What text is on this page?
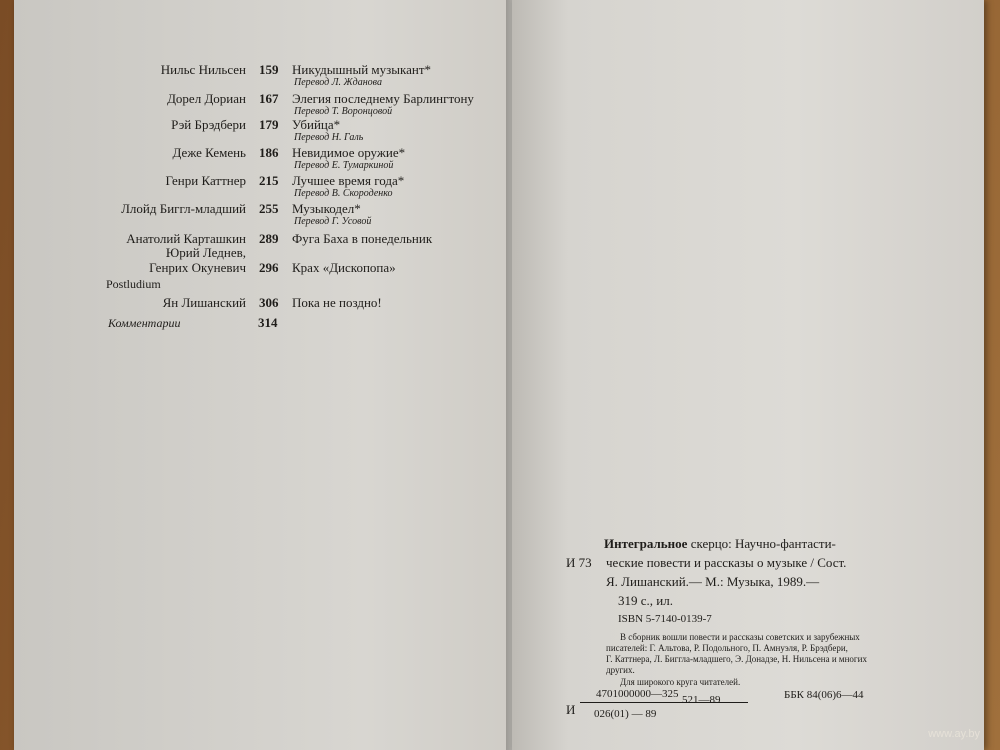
Нильс Нильсен 159	Никудышный музыкант*
Перевод Л. Жданова
Дорел Дориан 167	Элегия последнему Барлингтону
Перевод Т. Воронцовой
Рэй Брэдбери 179	Убийца*
Перевод Н. Галь
Деже Кемень 186	Невидимое оружие*
Перевод Е. Тумаркиной
Генри Каттнер 215	Лучшее время года*
Перевод В. Скороденко
Ллойд Биггл-младший 255	Музыкодел*
Перевод Г. Усовой
Анатолий Карташкин 289	Фуга Баха в понедельник
Юрий Леднев,
Генрих Окуневич 296	Крах «Дископопа»
Postludium
Ян Лишанский 306	Пока не поздно!
Комментарии	314
Интегральное скерцо: Научно-фантасти-
И 73 ческие повести и рассказы о музыке / Сост.
Я. Лишанский.— М.: Музыка, 1989.—
319 с., ил.
ISBN 5-7140-0139-7
В сборник вошли повести и рассказы советских и зарубежных
писателей: Г. Альтова, Р. Подольного, П. Амнуэля, Р. Брэдбери,
Г. Каттнера, Л. Биггла-младшего, Э. Донадзе, Н. Нильсена и многих
других.
Для широкого круга читателей.
И
4701000000—325 521—89
026(01) — 89
ББК 84(06)6—44
www.ay.by
